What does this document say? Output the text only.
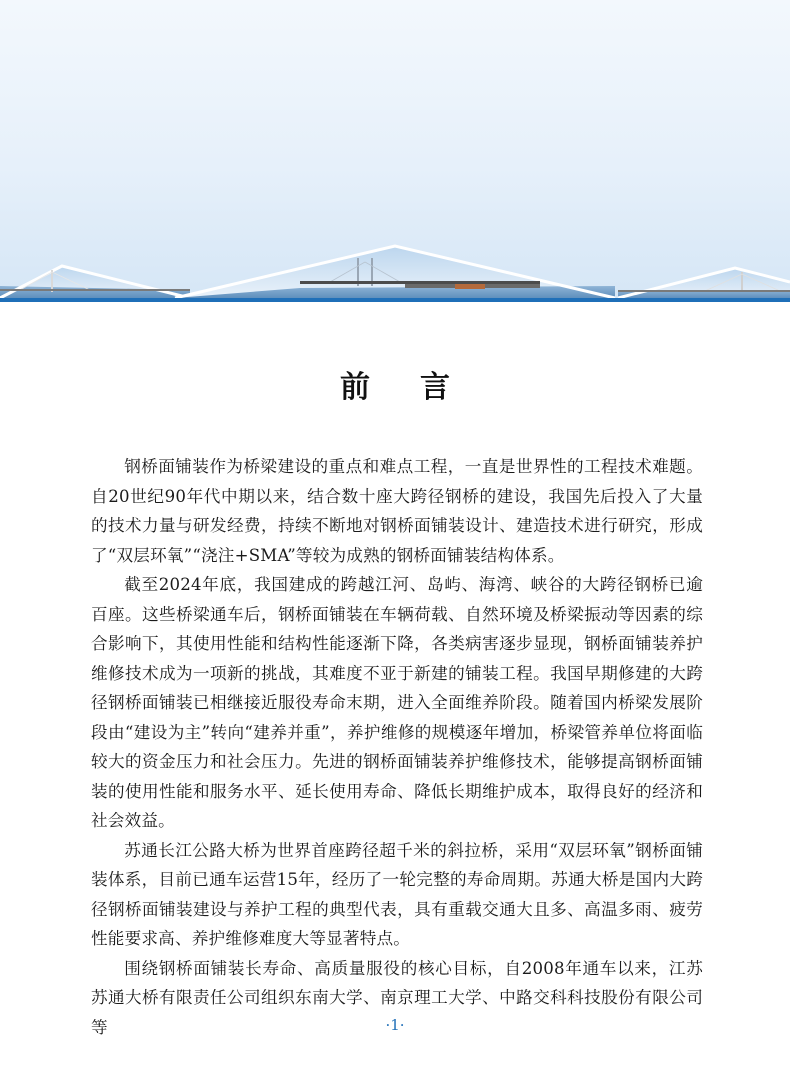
前言

钢桥面铺装作为桥梁建设的重点和难点工程，一直是世界性的工程技术难题。自20世纪90年代中期以来，结合数十座大跨径钢桥的建设，我国先后投入了大量的技术力量与研发经费，持续不断地对钢桥面铺装设计、建造技术进行研究，形成了“双层环氧”“浇注+SMA”等较为成熟的钢桥面铺装结构体系。

截至2024年底，我国建成的跨越江河、岛屿、海湾、峡谷的大跨径钢桥已逾百座。这些桥梁通车后，钢桥面铺装在车辆荷载、自然环境及桥梁振动等因素的综合影响下，其使用性能和结构性能逐渐下降，各类病害逐步显现，钢桥面铺装养护维修技术成为一项新的挑战，其难度不亚于新建的铺装工程。我国早期修建的大跨径钢桥面铺装已相继接近服役寿命末期，进入全面维养阶段。随着国内桥梁发展阶段由“建设为主”转向“建养并重”，养护维修的规模逐年增加，桥梁管养单位将面临较大的资金压力和社会压力。先进的钢桥面铺装养护维修技术，能够提高钢桥面铺装的使用性能和服务水平、延长使用寿命、降低长期维护成本，取得良好的经济和社会效益。

苏通长江公路大桥为世界首座跨径超千米的斜拉桥，采用“双层环氧”钢桥面铺装体系，目前已通车运营15年，经历了一轮完整的寿命周期。苏通大桥是国内大跨径钢桥面铺装建设与养护工程的典型代表，具有重载交通大且多、高温多雨、疲劳性能要求高、养护维修难度大等显著特点。

围绕钢桥面铺装长寿命、高质量服役的核心目标，自2008年通车以来，江苏苏通大桥有限责任公司组织东南大学、南京理工大学、中路交科科技股份有限公司等	·1·
